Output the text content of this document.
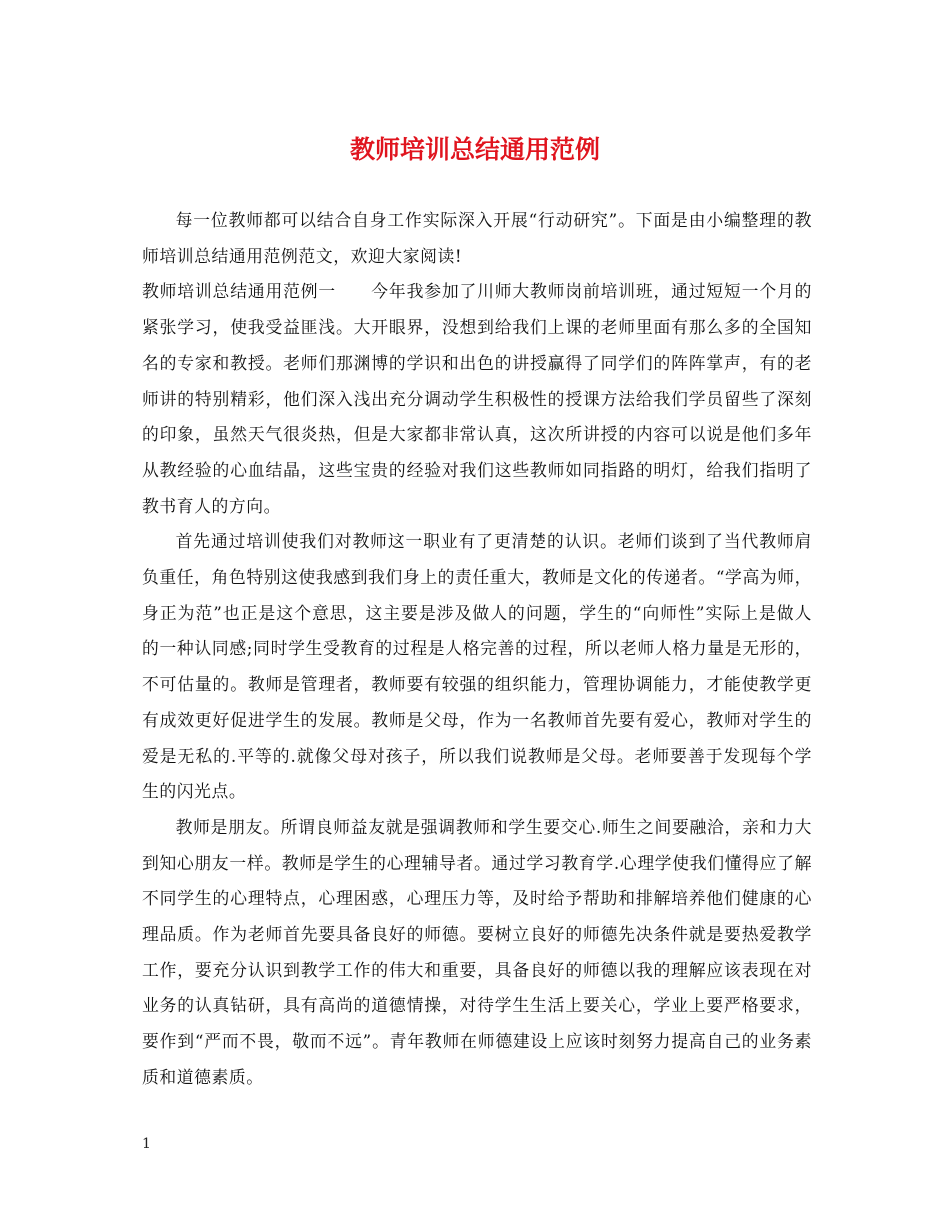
教师培训总结通用范例

每一位教师都可以结合自身工作实际深入开展“行动研究”。下面是由小编整理的教师培训总结通用范例范文，欢迎大家阅读!

教师培训总结通用范例一　　今年我参加了川师大教师岗前培训班，通过短短一个月的紧张学习，使我受益匪浅。大开眼界，没想到给我们上课的老师里面有那么多的全国知名的专家和教授。老师们那渊博的学识和出色的讲授赢得了同学们的阵阵掌声，有的老师讲的特别精彩，他们深入浅出充分调动学生积极性的授课方法给我们学员留些了深刻的印象，虽然天气很炎热，但是大家都非常认真，这次所讲授的内容可以说是他们多年从教经验的心血结晶，这些宝贵的经验对我们这些教师如同指路的明灯，给我们指明了教书育人的方向。

首先通过培训使我们对教师这一职业有了更清楚的认识。老师们谈到了当代教师肩负重任，角色特别这使我感到我们身上的责任重大，教师是文化的传递者。“学高为师，身正为范”也正是这个意思，这主要是涉及做人的问题，学生的“向师性”实际上是做人的一种认同感;同时学生受教育的过程是人格完善的过程，所以老师人格力量是无形的，不可估量的。教师是管理者，教师要有较强的组织能力，管理协调能力，才能使教学更有成效更好促进学生的发展。教师是父母，作为一名教师首先要有爱心，教师对学生的爱是无私的.平等的.就像父母对孩子，所以我们说教师是父母。老师要善于发现每个学生的闪光点。

教师是朋友。所谓良师益友就是强调教师和学生要交心.师生之间要融洽，亲和力大到知心朋友一样。教师是学生的心理辅导者。通过学习教育学.心理学使我们懂得应了解不同学生的心理特点，心理困惑，心理压力等，及时给予帮助和排解培养他们健康的心理品质。作为老师首先要具备良好的师德。要树立良好的师德先决条件就是要热爱教学工作，要充分认识到教学工作的伟大和重要，具备良好的师德以我的理解应该表现在对业务的认真钻研，具有高尚的道德情操，对待学生生活上要关心，学业上要严格要求，要作到“严而不畏，敬而不远”。青年教师在师德建设上应该时刻努力提高自己的业务素质和道德素质。

1
